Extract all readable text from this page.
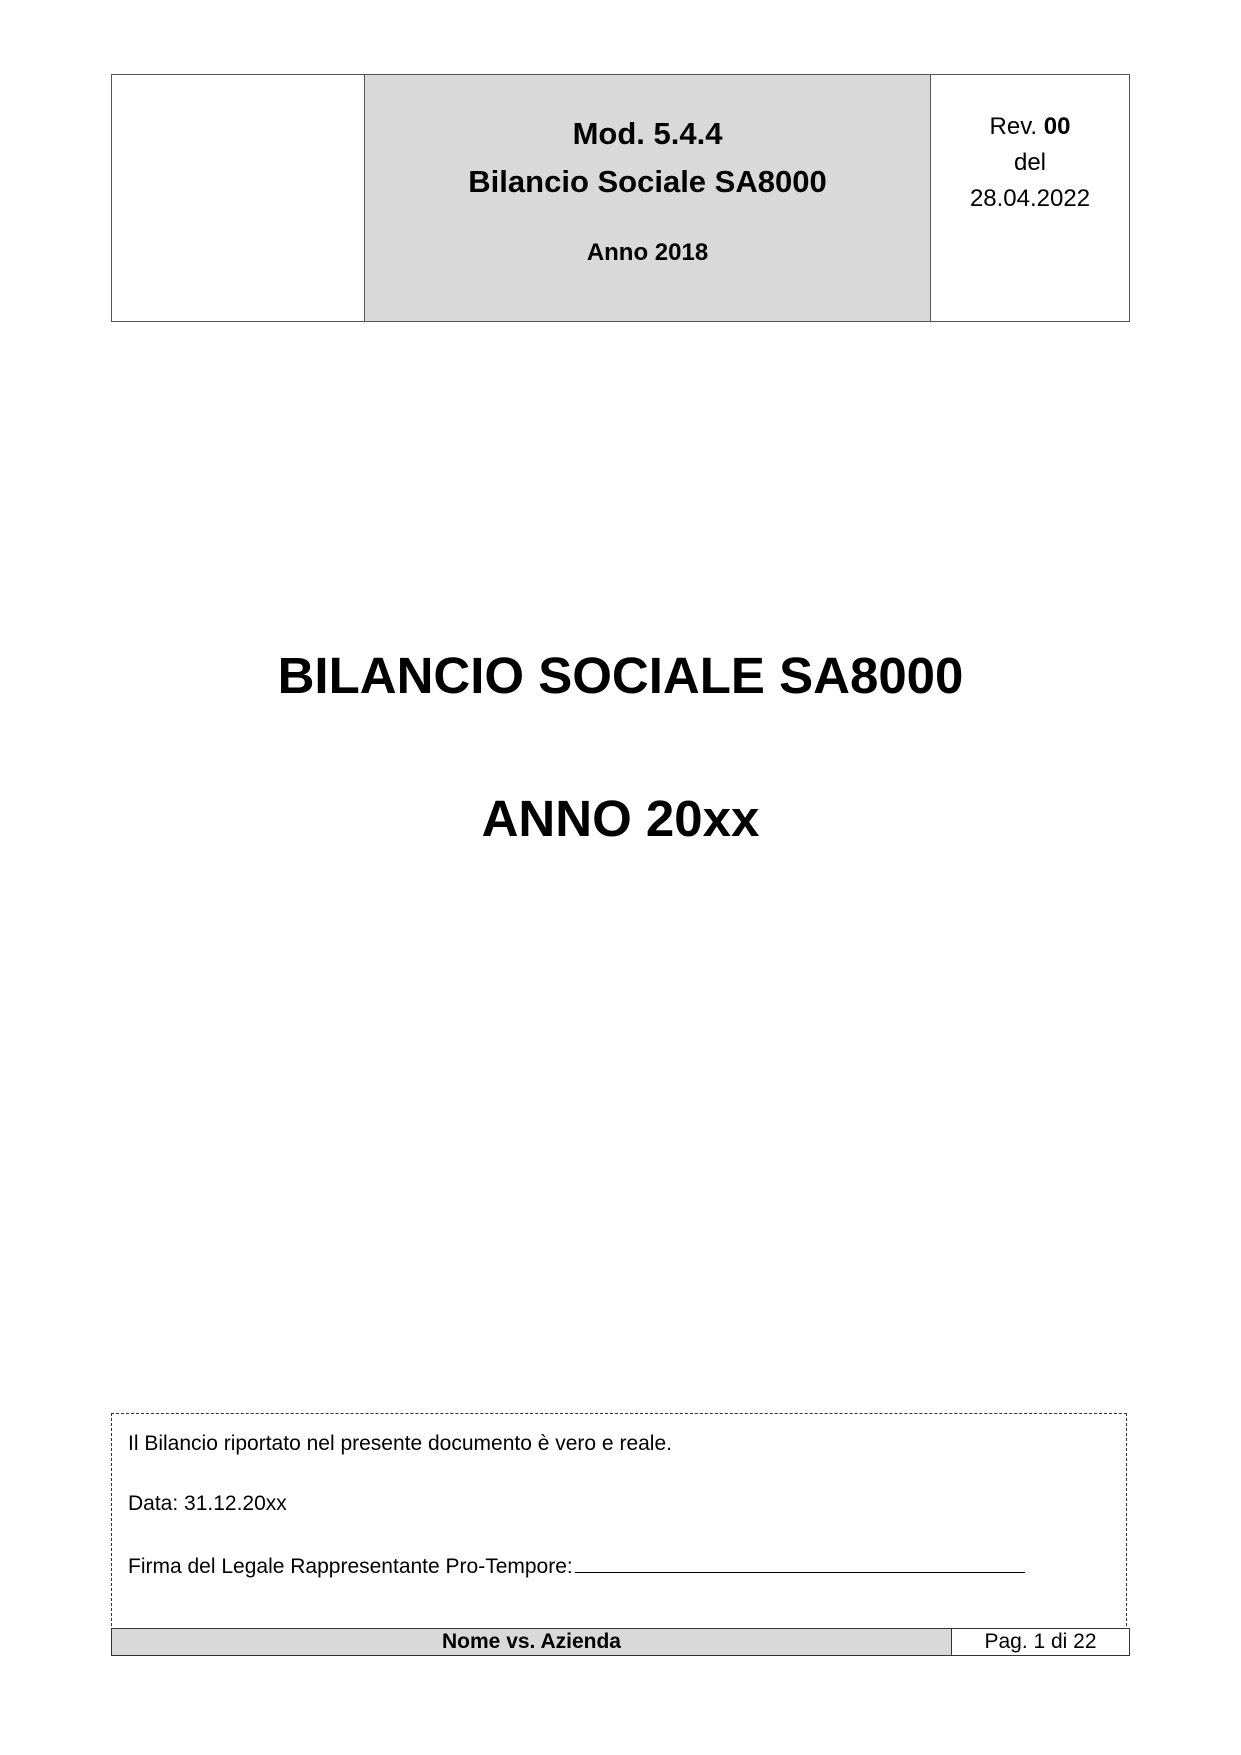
Mod. 5.4.4
Bilancio Sociale SA8000
Anno 2018
Rev. 00
del
28.04.2022
BILANCIO SOCIALE SA8000
ANNO 20xx
Il Bilancio riportato nel presente documento è vero e reale.
Data: 31.12.20xx
Firma del Legale Rappresentante Pro-Tempore:
Nome vs. Azienda	Pag. 1 di 22
